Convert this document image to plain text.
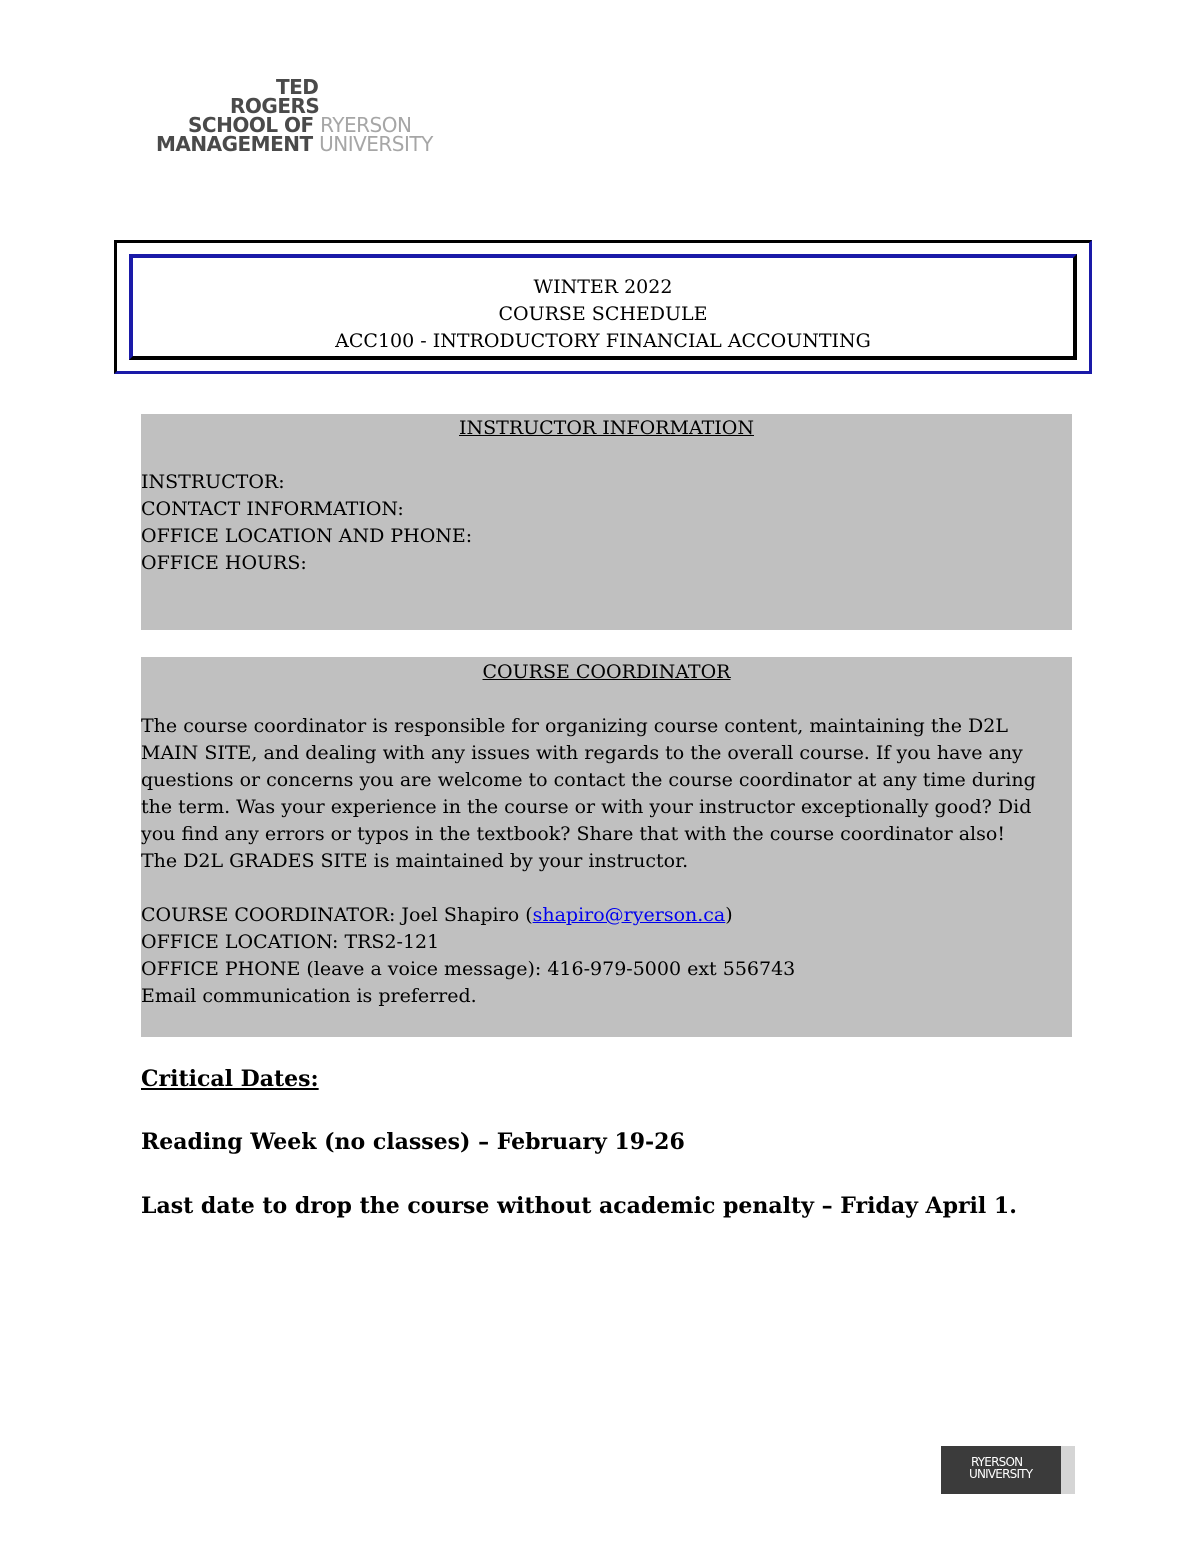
TED
ROGERS
SCHOOL OF RYERSON
MANAGEMENT UNIVERSITY
WINTER 2022
COURSE SCHEDULE
ACC100 - INTRODUCTORY FINANCIAL ACCOUNTING
INSTRUCTOR INFORMATION

INSTRUCTOR:

CONTACT INFORMATION:

OFFICE LOCATION AND PHONE:

OFFICE HOURS:

COURSE COORDINATOR

The course coordinator is responsible for organizing course content, maintaining the D2L

MAIN SITE, and dealing with any issues with regards to the overall course. If you have any

questions or concerns you are welcome to contact the course coordinator at any time during

the term. Was your experience in the course or with your instructor exceptionally good? Did

you find any errors or typos in the textbook? Share that with the course coordinator also!

The D2L GRADES SITE is maintained by your instructor.

COURSE COORDINATOR: Joel Shapiro (shapiro@ryerson.ca)

OFFICE LOCATION: TRS2-121

OFFICE PHONE (leave a voice message): 416-979-5000 ext 556743

Email communication is preferred.

Critical Dates:
Reading Week (no classes) – February 19-26
Last date to drop the course without academic penalty – Friday April 1.
RYERSON
UNIVERSITY
